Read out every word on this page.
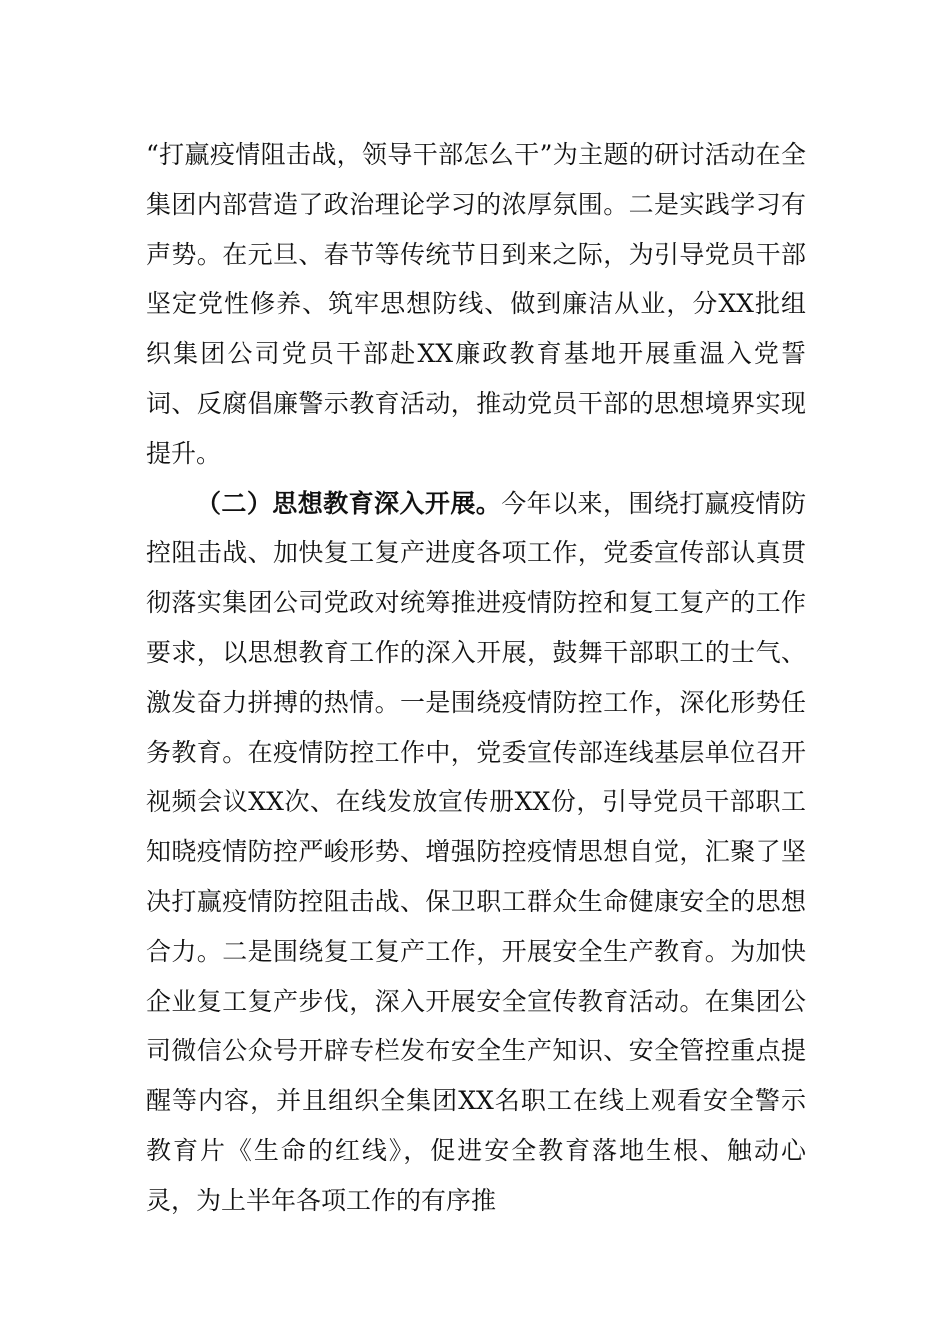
“打赢疫情阻击战，领导干部怎么干”为主题的研讨活动在全集团内部营造了政治理论学习的浓厚氛围。二是实践学习有声势。在元旦、春节等传统节日到来之际，为引导党员干部坚定党性修养、筑牢思想防线、做到廉洁从业，分XX批组织集团公司党员干部赴XX廉政教育基地开展重温入党誓词、反腐倡廉警示教育活动，推动党员干部的思想境界实现提升。

（二）思想教育深入开展。今年以来，围绕打赢疫情防控阻击战、加快复工复产进度各项工作，党委宣传部认真贯彻落实集团公司党政对统筹推进疫情防控和复工复产的工作要求，以思想教育工作的深入开展，鼓舞干部职工的士气、激发奋力拼搏的热情。一是围绕疫情防控工作，深化形势任务教育。在疫情防控工作中，党委宣传部连线基层单位召开视频会议XX次、在线发放宣传册XX份，引导党员干部职工知晓疫情防控严峻形势、增强防控疫情思想自觉，汇聚了坚决打赢疫情防控阻击战、保卫职工群众生命健康安全的思想合力。二是围绕复工复产工作，开展安全生产教育。为加快企业复工复产步伐，深入开展安全宣传教育活动。在集团公司微信公众号开辟专栏发布安全生产知识、安全管控重点提醒等内容，并且组织全集团XX名职工在线上观看安全警示教育片《生命的红线》，促进安全教育落地生根、触动心灵，为上半年各项工作的有序推
